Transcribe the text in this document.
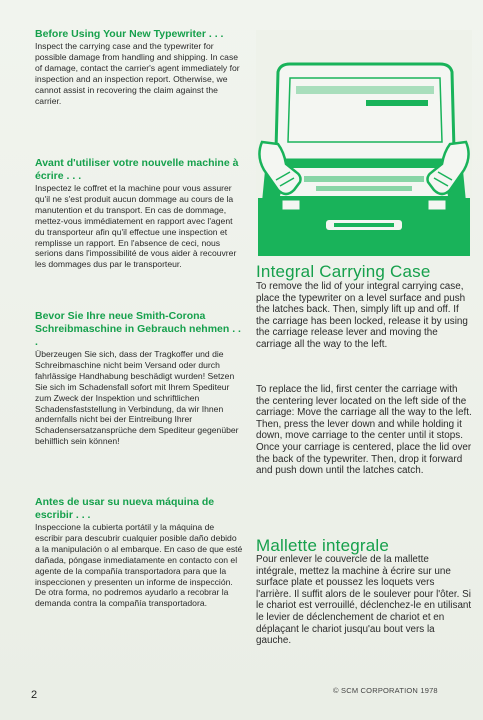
Before Using Your New Typewriter . . .

Inspect the carrying case and the typewriter for possible damage from handling and shipping. In case of damage, contact the carrier's agent immediately for inspection and an inspection report. Otherwise, we cannot assist in recovering the claim against the carrier.

Avant d'utiliser votre nouvelle machine à écrire . . .

Inspectez le coffret et la machine pour vous assurer qu'il ne s'est produit aucun dommage au cours de la manutention et du transport. En cas de dommage, mettez-vous immédiatement en rapport avec l'agent du transporteur afin qu'il effectue une inspection et remplisse un rapport. En l'absence de ceci, nous serions dans l'impossibilité de vous aider à recouvrer les dommages dus par le transporteur.

Bevor Sie Ihre neue Smith-Corona Schreibmaschine in Gebrauch nehmen . . .

Überzeugen Sie sich, dass der Tragkoffer und die Schreibmaschine nicht beim Versand oder durch fahrlässige Handhabung beschädigt wurden! Setzen Sie sich im Schadensfall sofort mit Ihrem Spediteur zum Zweck der Inspektion und schriftlichen Schadensfaststellung in Verbindung, da wir Ihnen andernfalls nicht bei der Eintreibung Ihrer Schadensersatzansprüche dem Spediteur gegenüber behilflich sein können!

Antes de usar su nueva máquina de escribir . . .

Inspeccione la cubierta portátil y la máquina de escribir para descubrir cualquier posible daño debido a la manipulación o al embarque. En caso de que esté dañada, póngase inmediatamente en contacto con el agente de la compañía transportadora para que la inspeccionen y presenten un informe de inspección. De otra forma, no podremos ayudarlo a recobrar la demanda contra la compañía transportadora.

Integral Carrying Case

To remove the lid of your integral carrying case, place the typewriter on a level surface and push the latches back. Then, simply lift up and off. If the carriage has been locked, release it by using the carriage release lever and moving the carriage all the way to the left.

To replace the lid, first center the carriage with the centering lever located on the left side of the carriage: Move the carriage all the way to the left. Then, press the lever down and while holding it down, move carriage to the center until it stops. Once your carriage is centered, place the lid over the back of the typewriter. Then, drop it forward and push down until the latches catch.

Mallette integrale

Pour enlever le couvercle de la mallette intégrale, mettez la machine à écrire sur une surface plate et poussez les loquets vers l'arrière. Il suffit alors de le soulever pour l'ôter. Si le chariot est verrouillé, déclenchez-le en utilisant le levier de déclenchement de chariot et en déplaçant le chariot jusqu'au bout vers la gauche.

2	© SCM CORPORATION 1978
